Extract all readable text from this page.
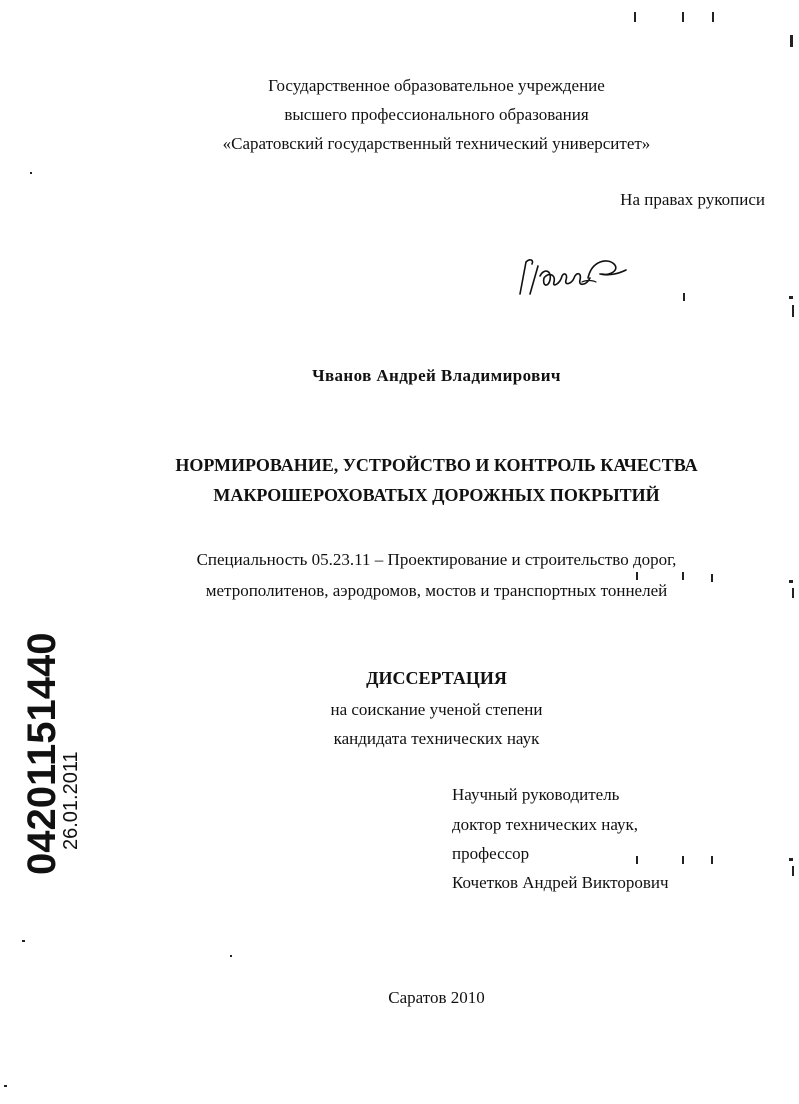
Государственное образовательное учреждение
высшего профессионального образования
«Саратовский государственный технический университет»
На правах рукописи
Чванов Андрей Владимирович
НОРМИРОВАНИЕ, УСТРОЙСТВО И КОНТРОЛЬ КАЧЕСТВА
МАКРОШЕРОХОВАТЫХ ДОРОЖНЫХ ПОКРЫТИЙ
Специальность 05.23.11 – Проектирование и строительство дорог,
метрополитенов, аэродромов, мостов и транспортных тоннелей
ДИССЕРТАЦИЯ
на соискание ученой степени
кандидата технических наук
Научный руководитель
доктор технических наук,
профессор
Кочетков Андрей Викторович
Саратов 2010
04201151440
26.01.2011
